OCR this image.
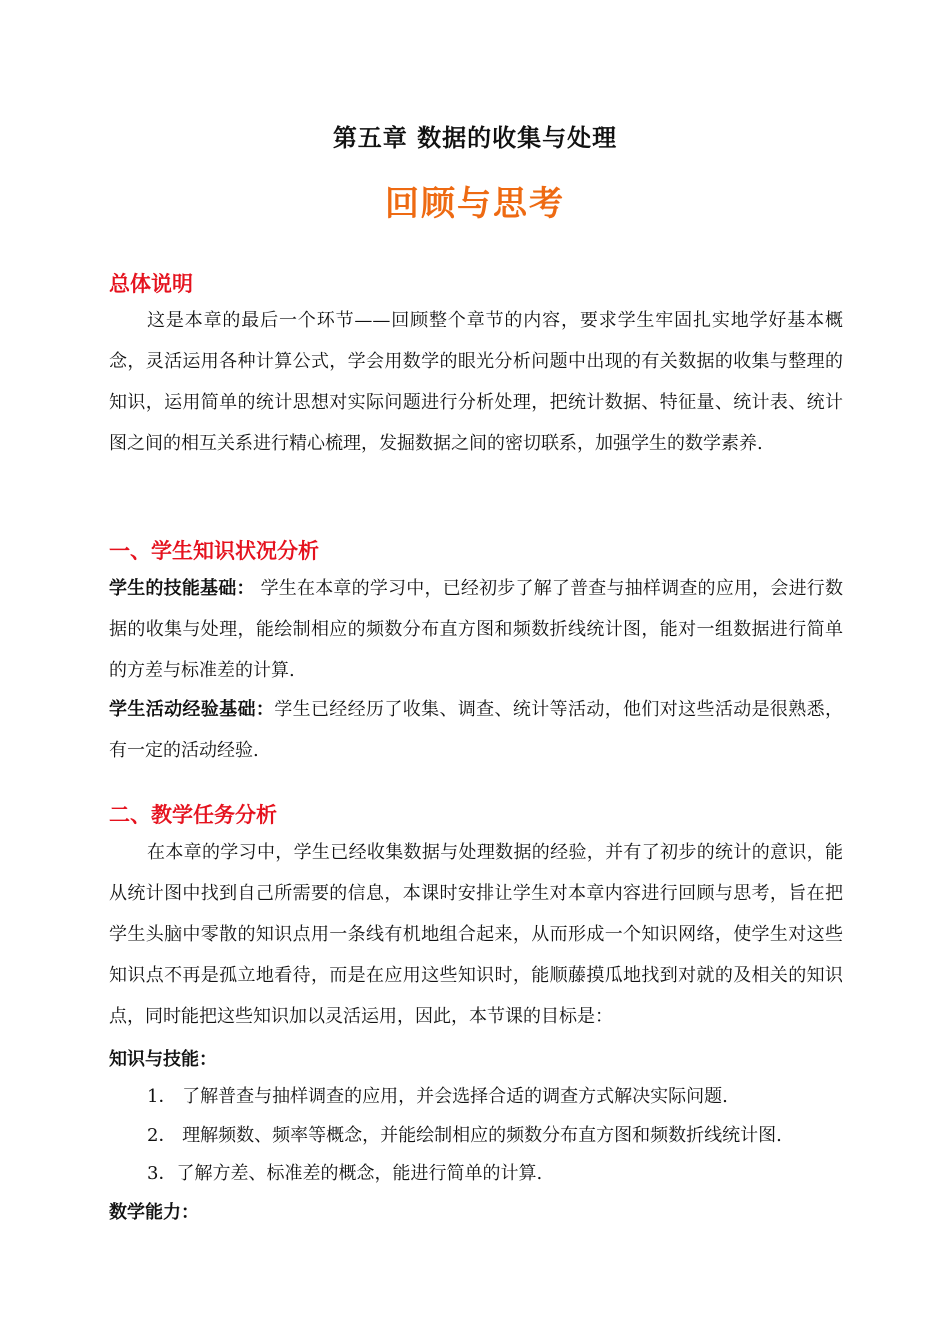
第五章 数据的收集与处理
回顾与思考
总体说明
这是本章的最后一个环节——回顾整个章节的内容，要求学生牢固扎实地学好基本概念，灵活运用各种计算公式，学会用数学的眼光分析问题中出现的有关数据的收集与整理的知识，运用简单的统计思想对实际问题进行分析处理，把统计数据、特征量、统计表、统计图之间的相互关系进行精心梳理，发掘数据之间的密切联系，加强学生的数学素养.
一、学生知识状况分析
学生的技能基础： 学生在本章的学习中，已经初步了解了普查与抽样调查的应用，会进行数据的收集与处理，能绘制相应的频数分布直方图和频数折线统计图，能对一组数据进行简单的方差与标准差的计算.
学生活动经验基础：学生已经经历了收集、调查、统计等活动，他们对这些活动是很熟悉，有一定的活动经验.
二、教学任务分析
在本章的学习中，学生已经收集数据与处理数据的经验，并有了初步的统计的意识，能从统计图中找到自己所需要的信息，本课时安排让学生对本章内容进行回顾与思考，旨在把学生头脑中零散的知识点用一条线有机地组合起来，从而形成一个知识网络，使学生对这些知识点不再是孤立地看待，而是在应用这些知识时，能顺藤摸瓜地找到对就的及相关的知识点，同时能把这些知识加以灵活运用，因此，本节课的目标是：
知识与技能：
1． 了解普查与抽样调查的应用，并会选择合适的调查方式解决实际问题.
2． 理解频数、频率等概念，并能绘制相应的频数分布直方图和频数折线统计图.
3．了解方差、标准差的概念，能进行简单的计算.
数学能力：
